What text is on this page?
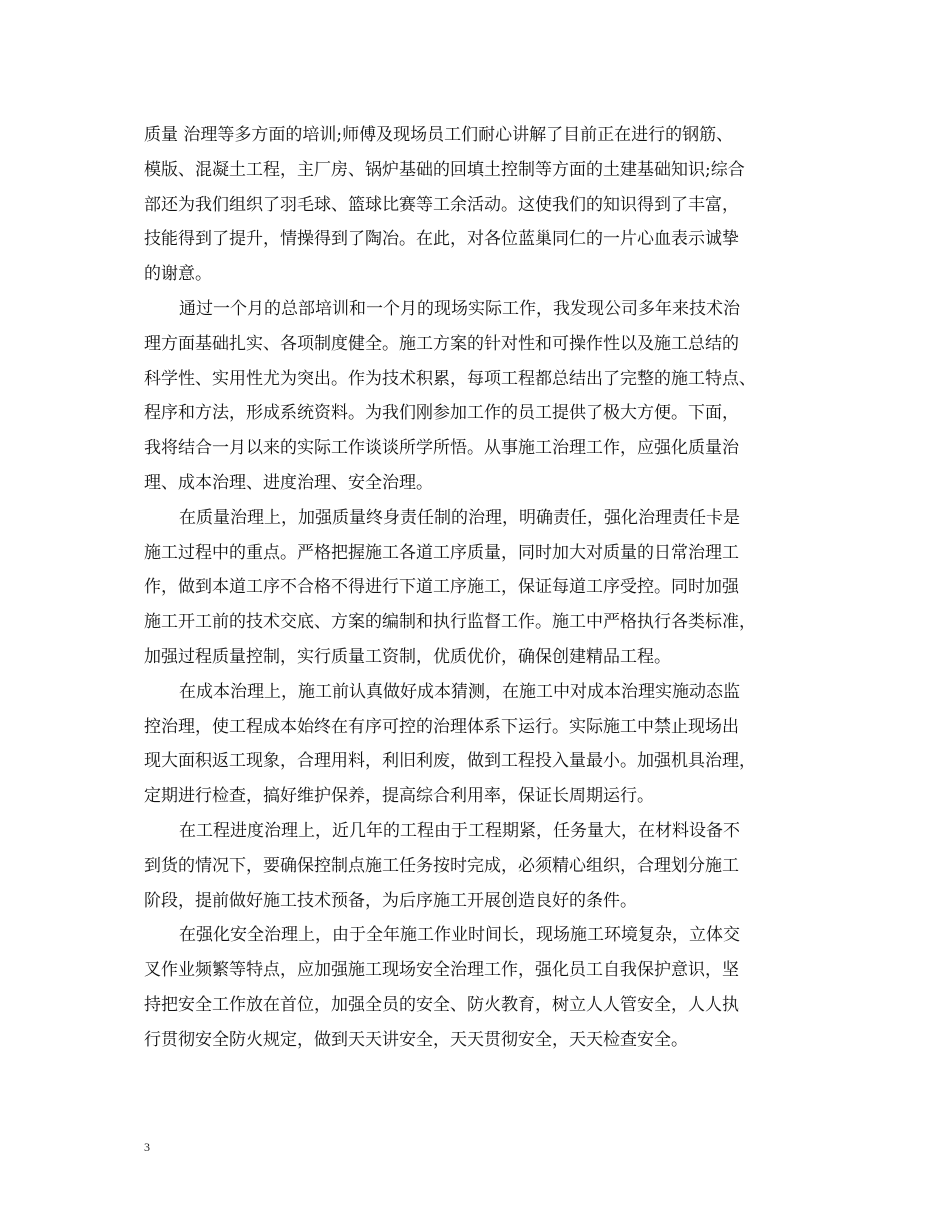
质量 治理等多方面的培训;师傅及现场员工们耐心讲解了目前正在进行的钢筋、
模版、混凝土工程，主厂房、锅炉基础的回填土控制等方面的土建基础知识;综合
部还为我们组织了羽毛球、篮球比赛等工余活动。这使我们的知识得到了丰富，
技能得到了提升，情操得到了陶冶。在此，对各位蓝巢同仁的一片心血表示诚挚
的谢意。
通过一个月的总部培训和一个月的现场实际工作，我发现公司多年来技术治
理方面基础扎实、各项制度健全。施工方案的针对性和可操作性以及施工总结的
科学性、实用性尤为突出。作为技术积累，每项工程都总结出了完整的施工特点、
程序和方法，形成系统资料。为我们刚参加工作的员工提供了极大方便。下面，
我将结合一月以来的实际工作谈谈所学所悟。从事施工治理工作，应强化质量治
理、成本治理、进度治理、安全治理。
在质量治理上，加强质量终身责任制的治理，明确责任，强化治理责任卡是
施工过程中的重点。严格把握施工各道工序质量，同时加大对质量的日常治理工
作，做到本道工序不合格不得进行下道工序施工，保证每道工序受控。同时加强
施工开工前的技术交底、方案的编制和执行监督工作。施工中严格执行各类标准，
加强过程质量控制，实行质量工资制，优质优价，确保创建精品工程。
在成本治理上，施工前认真做好成本猜测，在施工中对成本治理实施动态监
控治理，使工程成本始终在有序可控的治理体系下运行。实际施工中禁止现场出
现大面积返工现象，合理用料，利旧利废，做到工程投入量最小。加强机具治理，
定期进行检查，搞好维护保养，提高综合利用率，保证长周期运行。
在工程进度治理上，近几年的工程由于工程期紧，任务量大，在材料设备不
到货的情况下，要确保控制点施工任务按时完成，必须精心组织，合理划分施工
阶段，提前做好施工技术预备，为后序施工开展创造良好的条件。
在强化安全治理上，由于全年施工作业时间长，现场施工环境复杂，立体交
叉作业频繁等特点，应加强施工现场安全治理工作，强化员工自我保护意识，坚
持把安全工作放在首位，加强全员的安全、防火教育，树立人人管安全，人人执
行贯彻安全防火规定，做到天天讲安全，天天贯彻安全，天天检查安全。
3
